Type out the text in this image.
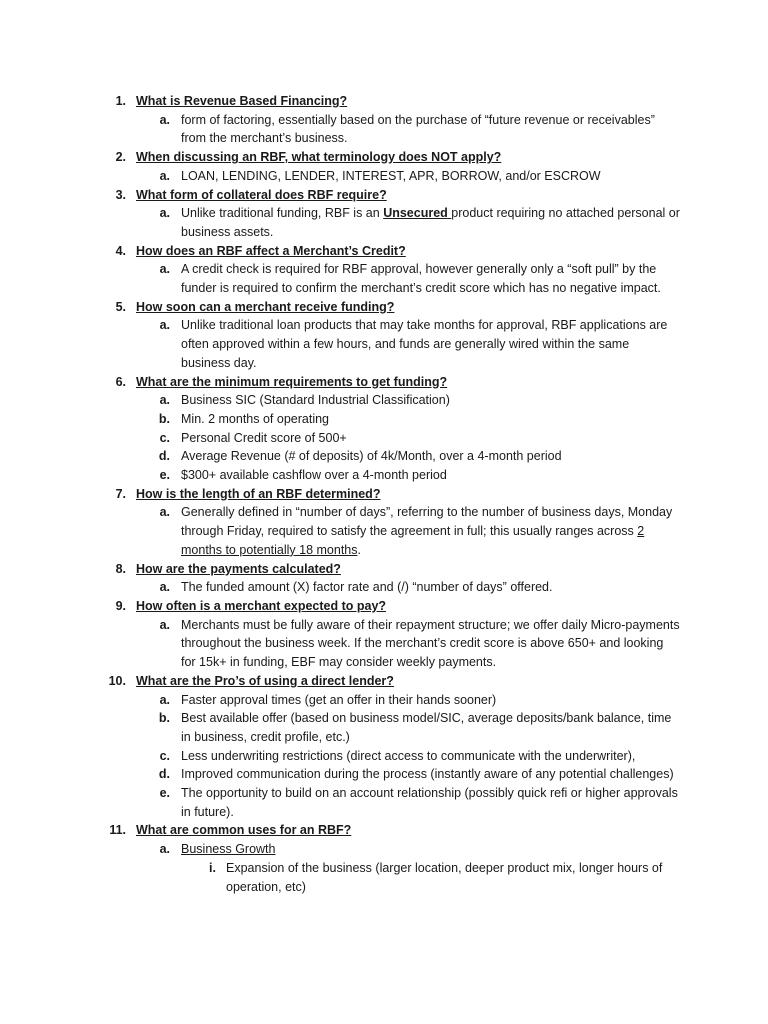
1. What is Revenue Based Financing?
a. form of factoring, essentially based on the purchase of “future revenue or receivables” from the merchant’s business.
2. When discussing an RBF, what terminology does NOT apply?
a. LOAN, LENDING, LENDER, INTEREST, APR, BORROW, and/or ESCROW
3. What form of collateral does RBF require?
a. Unlike traditional funding, RBF is an Unsecured product requiring no attached personal or business assets.
4. How does an RBF affect a Merchant’s Credit?
a. A credit check is required for RBF approval, however generally only a “soft pull” by the funder is required to confirm the merchant’s credit score which has no negative impact.
5. How soon can a merchant receive funding?
a. Unlike traditional loan products that may take months for approval, RBF applications are often approved within a few hours, and funds are generally wired within the same business day.
6. What are the minimum requirements to get funding?
a. Business SIC (Standard Industrial Classification)
b. Min. 2 months of operating
c. Personal Credit score of 500+
d. Average Revenue (# of deposits) of 4k/Month, over a 4-month period
e. $300+ available cashflow over a 4-month period
7. How is the length of an RBF determined?
a. Generally defined in “number of days”, referring to the number of business days, Monday through Friday, required to satisfy the agreement in full; this usually ranges across 2 months to potentially 18 months.
8. How are the payments calculated?
a. The funded amount (X) factor rate and (/) “number of days” offered.
9. How often is a merchant expected to pay?
a. Merchants must be fully aware of their repayment structure; we offer daily Micro-payments throughout the business week. If the merchant’s credit score is above 650+ and looking for 15k+ in funding, EBF may consider weekly payments.
10. What are the Pro’s of using a direct lender?
a. Faster approval times (get an offer in their hands sooner)
b. Best available offer (based on business model/SIC, average deposits/bank balance, time in business, credit profile, etc.)
c. Less underwriting restrictions (direct access to communicate with the underwriter),
d. Improved communication during the process (instantly aware of any potential challenges)
e. The opportunity to build on an account relationship (possibly quick refi or higher approvals in future).
11. What are common uses for an RBF?
a. Business Growth
i. Expansion of the business (larger location, deeper product mix, longer hours of operation, etc)
